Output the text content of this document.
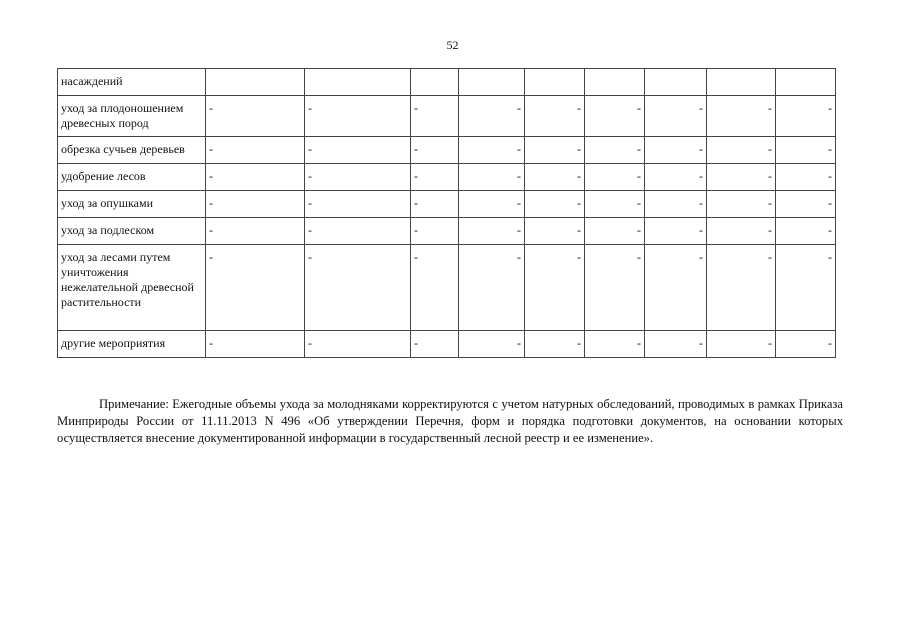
52
насаждений									
уход за плодоношением древесных пород	-	-	-	-	-	-	-	-	-
обрезка сучьев деревьев	-	-	-	-	-	-	-	-	-
удобрение лесов	-	-	-	-	-	-	-	-	-
уход за опушками	-	-	-	-	-	-	-	-	-
уход за подлеском	-	-	-	-	-	-	-	-	-
уход за лесами путем уничтожения нежелательной древесной растительности	-	-	-	-	-	-	-	-	-
другие мероприятия	-	-	-	-	-	-	-	-	-

Примечание: Ежегодные объемы ухода за молодняками корректируются с учетом натурных обследований, проводимых в рамках Приказа Минприроды России от 11.11.2013 N 496 «Об утверждении Перечня, форм и порядка подготовки документов, на основании которых осуществляется внесение документированной информации в государственный лесной реестр и ее изменение».
